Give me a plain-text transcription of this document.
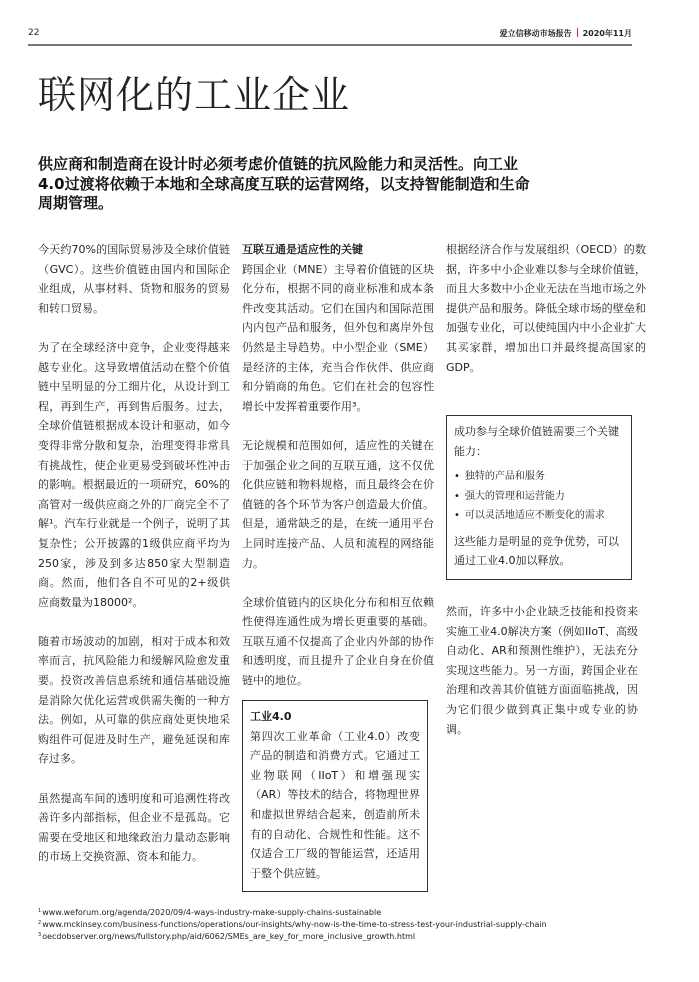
22	爱立信移动市场报告 2020年11月
联网化的工业企业
供应商和制造商在设计时必须考虑价值链的抗风险能力和灵活性。向工业4.0过渡将依赖于本地和全球高度互联的运营网络，以支持智能制造和生命周期管理。

今天约70%的国际贸易涉及全球价值链（GVC）。这些价值链由国内和国际企业组成，从事材料、货物和服务的贸易和转口贸易。

为了在全球经济中竞争，企业变得越来越专业化。这导致增值活动在整个价值链中呈明显的分工细片化，从设计到工程，再到生产，再到售后服务。过去，全球价值链根据成本设计和驱动，如今变得非常分散和复杂，治理变得非常具有挑战性，使企业更易受到破坏性冲击的影响。根据最近的一项研究，60%的高管对一级供应商之外的厂商完全不了解¹。汽车行业就是一个例子，说明了其复杂性；公开披露的1级供应商平均为250家，涉及到多达850家大型制造商。然而，他们各自不可见的2+级供应商数量为18000²。

随着市场波动的加剧，相对于成本和效率而言，抗风险能力和缓解风险愈发重要。投资改善信息系统和通信基础设施是消除欠优化运营或供需失衡的一种方法。例如，从可靠的供应商处更快地采购组件可促进及时生产，避免延误和库存过多。

虽然提高车间的透明度和可追溯性将改善许多内部指标，但企业不是孤岛。它需要在受地区和地缘政治力量动态影响的市场上交换资源、资本和能力。

互联互通是适应性的关键

跨国企业（MNE）主导着价值链的区块化分布，根据不同的商业标准和成本条件改变其活动。它们在国内和国际范围内内包产品和服务，但外包和离岸外包仍然是主导趋势。中小型企业（SME）是经济的主体，充当合作伙伴、供应商和分销商的角色。它们在社会的包容性增长中发挥着重要作用³。

无论规模和范围如何，适应性的关键在于加强企业之间的互联互通，这不仅优化供应链和物料规格，而且最终会在价值链的各个环节为客户创造最大价值。但是，通常缺乏的是，在统一通用平台上同时连接产品、人员和流程的网络能力。

全球价值链内的区块化分布和相互依赖性使得连通性成为增长更重要的基础。互联互通不仅提高了企业内外部的协作和透明度，而且提升了企业自身在价值链中的地位。

工业4.0

第四次工业革命（工业4.0）改变产品的制造和消费方式。它通过工业物联网（IIoT）和增强现实（AR）等技术的结合，将物理世界和虚拟世界结合起来，创造前所未有的自动化、合规性和性能。这不仅适合工厂级的智能运营，还适用于整个供应链。

根据经济合作与发展组织（OECD）的数据，许多中小企业难以参与全球价值链，而且大多数中小企业无法在当地市场之外提供产品和服务。降低全球市场的壁垒和加强专业化，可以使纯国内中小企业扩大其买家群，增加出口并最终提高国家的GDP。

成功参与全球价值链需要三个关键能力：

• 独特的产品和服务
• 强大的管理和运营能力
• 可以灵活地适应不断变化的需求

这些能力是明显的竞争优势，可以通过工业4.0加以释放。

然而，许多中小企业缺乏技能和投资来实施工业4.0解决方案（例如IIoT、高级自动化、AR和预测性维护），无法充分实现这些能力。另一方面，跨国企业在治理和改善其价值链方面面临挑战，因为它们很少做到真正集中或专业的协调。

$^1$www.weforum.org/agenda/2020/09/4-ways-industry-make-supply-chains-sustainable
$^2$www.mckinsey.com/business-functions/operations/our-insights/why-now-is-the-time-to-stress-test-your-industrial-supply-chain
$^3$oecdobserver.org/news/fullstory.php/aid/6062/SMEs_are_key_for_more_inclusive_growth.html
